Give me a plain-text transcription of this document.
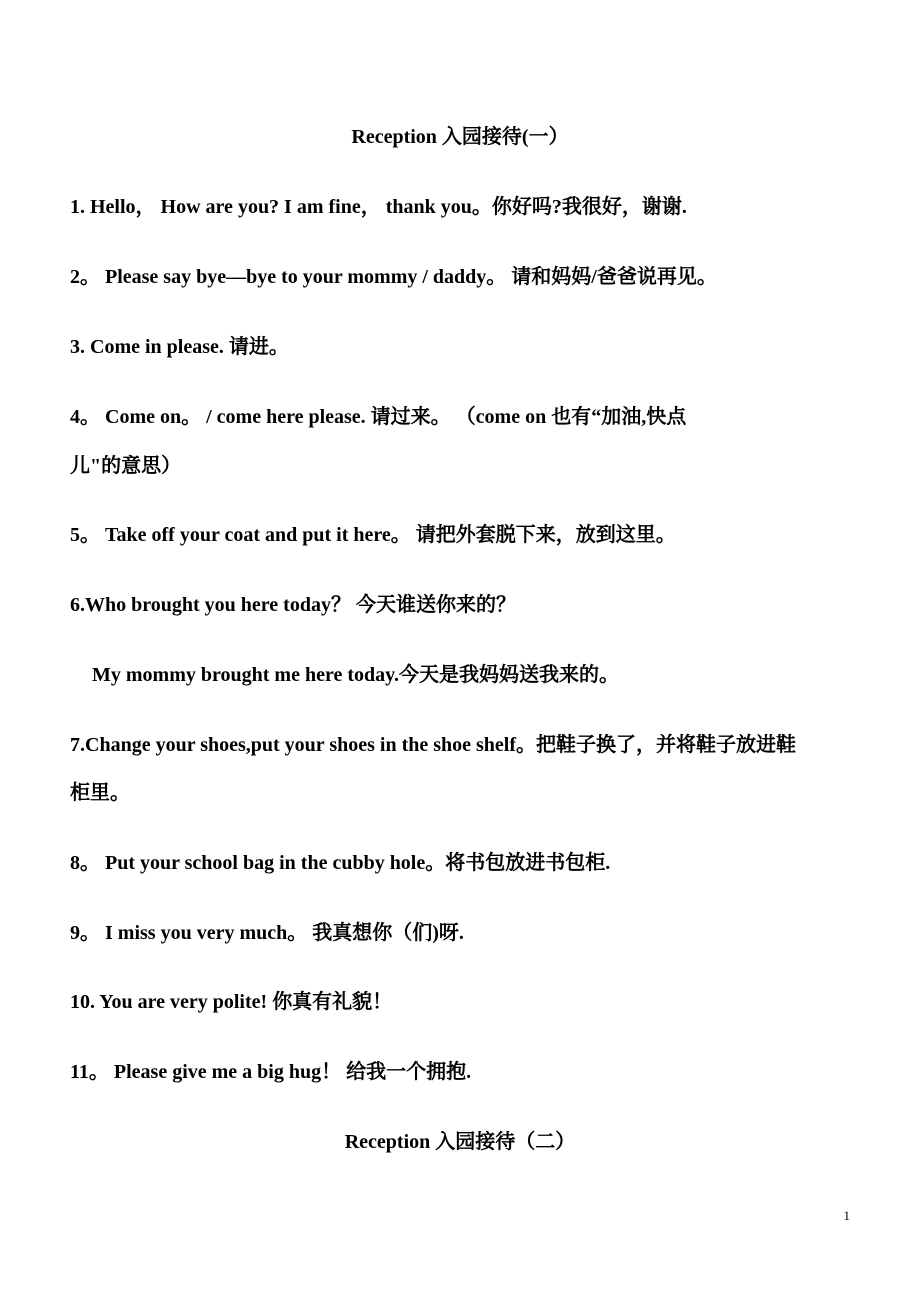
Reception 入园接待(一）
1. Hello， How are you? I am fine， thank you。你好吗?我很好，谢谢.
2。 Please say bye—bye to your mommy / daddy。 请和妈妈/爸爸说再见。
3. Come in please. 请进。
4。 Come on。 / come here please. 请过来。 （come on 也有“加油,快点
儿"的意思）
5。 Take off your coat and put it here。 请把外套脱下来，放到这里。
6.Who brought you here today？ 今天谁送你来的？
My mommy brought me here today.今天是我妈妈送我来的。
7.Change your shoes,put your shoes in the shoe shelf。把鞋子换了，并将鞋子放进鞋
柜里。
8。 Put your school bag in the cubby hole。将书包放进书包柜.
9。 I miss you very much。 我真想你（们)呀.
10. You are very polite! 你真有礼貌！
11。 Please give me a big hug！ 给我一个拥抱.
Reception 入园接待（二）
1
